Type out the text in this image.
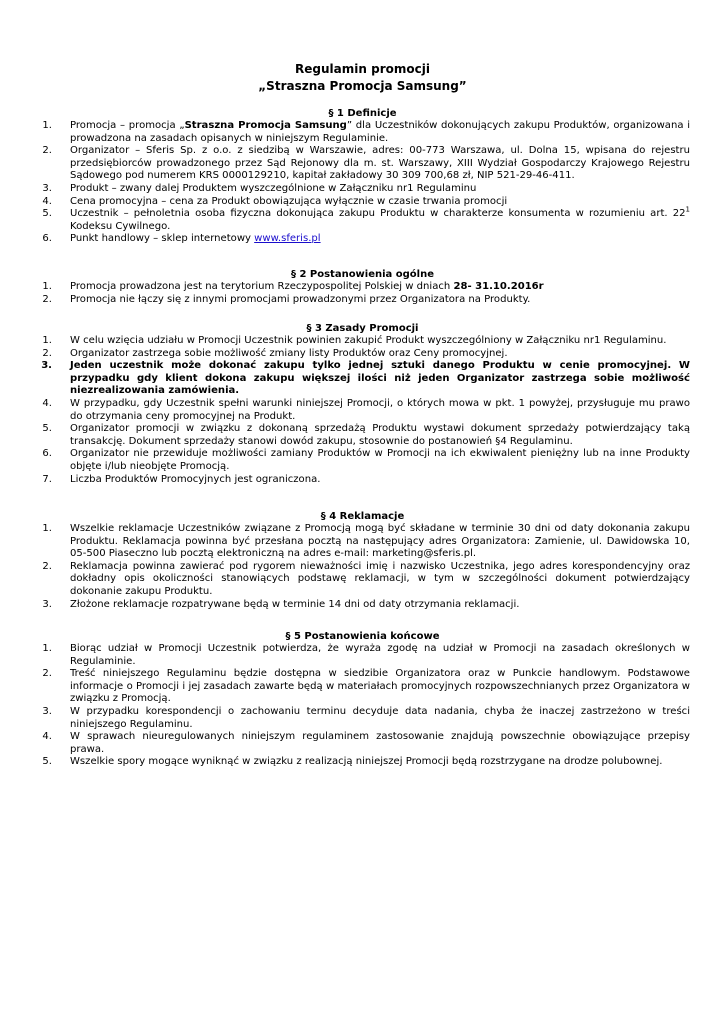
Regulamin promocji
„Straszna Promocja Samsung”
§ 1 Definicje
1. Promocja – promocja „Straszna Promocja Samsung” dla Uczestników dokonujących zakupu Produktów, organizowana i prowadzona na zasadach opisanych w niniejszym Regulaminie.
2. Organizator – Sferis Sp. z o.o. z siedzibą w Warszawie, adres: 00-773 Warszawa, ul. Dolna 15, wpisana do rejestru przedsiębiorców prowadzonego przez Sąd Rejonowy dla m. st. Warszawy, XIII Wydział Gospodarczy Krajowego Rejestru Sądowego pod numerem KRS 0000129210, kapitał zakładowy 30 309 700,68 zł, NIP 521-29-46-411.
3. Produkt – zwany dalej Produktem wyszczególnione w Załączniku nr1 Regulaminu
4. Cena promocyjna – cena za Produkt obowiązująca wyłącznie w czasie trwania promocji
5. Uczestnik – pełnoletnia osoba fizyczna dokonująca zakupu Produktu w charakterze konsumenta w rozumieniu art. $22^1$ Kodeksu Cywilnego.
6. Punkt handlowy – sklep internetowy www.sferis.pl
§ 2 Postanowienia ogólne
1. Promocja prowadzona jest na terytorium Rzeczypospolitej Polskiej w dniach 28- 31.10.2016r
2. Promocja nie łączy się z innymi promocjami prowadzonymi przez Organizatora na Produkty.
§ 3 Zasady Promocji
1. W celu wzięcia udziału w Promocji Uczestnik powinien zakupić Produkt wyszczególniony w Załączniku nr1 Regulaminu.
2. Organizator zastrzega sobie możliwość zmiany listy Produktów oraz Ceny promocyjnej.
3. Jeden uczestnik może dokonać zakupu tylko jednej sztuki danego Produktu w cenie promocyjnej. W przypadku gdy klient dokona zakupu większej ilości niż jeden Organizator zastrzega sobie możliwość niezrealizowania zamówienia.
4. W przypadku, gdy Uczestnik spełni warunki niniejszej Promocji, o których mowa w pkt. 1 powyżej, przysługuje mu prawo do otrzymania ceny promocyjnej na Produkt.
5. Organizator promocji w związku z dokonaną sprzedażą Produktu wystawi dokument sprzedaży potwierdzający taką transakcję. Dokument sprzedaży stanowi dowód zakupu, stosownie do postanowień §4 Regulaminu.
6. Organizator nie przewiduje możliwości zamiany Produktów w Promocji na ich ekwiwalent pieniężny lub na inne Produkty objęte i/lub nieobjęte Promocją.
7. Liczba Produktów Promocyjnych jest ograniczona.
§ 4 Reklamacje
1. Wszelkie reklamacje Uczestników związane z Promocją mogą być składane w terminie 30 dni od daty dokonania zakupu Produktu. Reklamacja powinna być przesłana pocztą na następujący adres Organizatora: Zamienie, ul. Dawidowska 10, 05-500 Piaseczno lub pocztą elektroniczną na adres e-mail: marketing@sferis.pl.
2. Reklamacja powinna zawierać pod rygorem nieważności imię i nazwisko Uczestnika, jego adres korespondencyjny oraz dokładny opis okoliczności stanowiących podstawę reklamacji, w tym w szczególności dokument potwierdzający dokonanie zakupu Produktu.
3. Złożone reklamacje rozpatrywane będą w terminie 14 dni od daty otrzymania reklamacji.
§ 5 Postanowienia końcowe
1. Biorąc udział w Promocji Uczestnik potwierdza, że wyraża zgodę na udział w Promocji na zasadach określonych w Regulaminie.
2. Treść niniejszego Regulaminu będzie dostępna w siedzibie Organizatora oraz w Punkcie handlowym. Podstawowe informacje o Promocji i jej zasadach zawarte będą w materiałach promocyjnych rozpowszechnianych przez Organizatora w związku z Promocją.
3. W przypadku korespondencji o zachowaniu terminu decyduje data nadania, chyba że inaczej zastrzeżono w treści niniejszego Regulaminu.
4. W sprawach nieuregulowanych niniejszym regulaminem zastosowanie znajdują powszechnie obowiązujące przepisy prawa.
5. Wszelkie spory mogące wyniknąć w związku z realizacją niniejszej Promocji będą rozstrzygane na drodze polubownej.
